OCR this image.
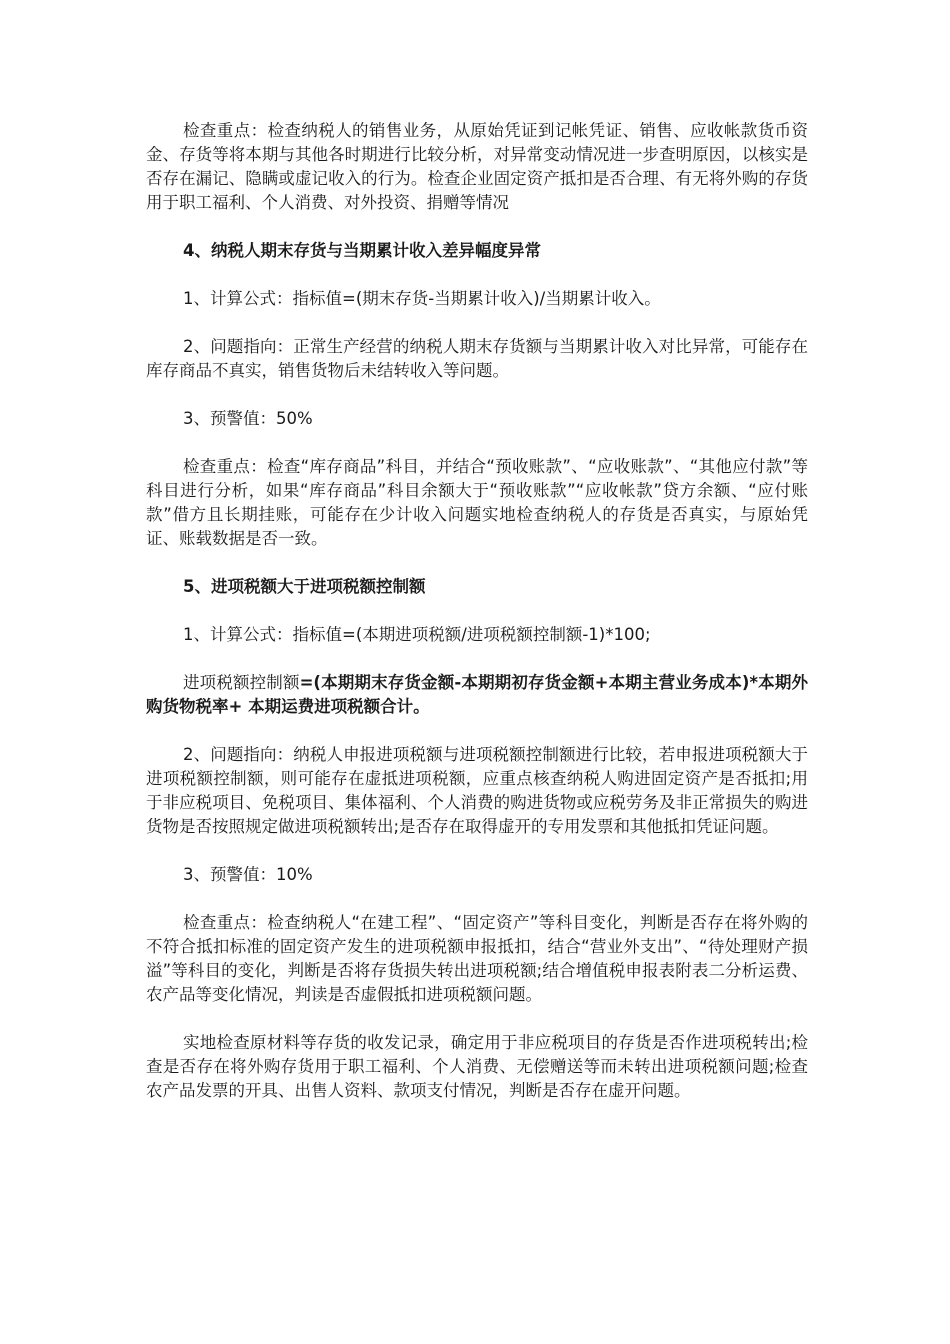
检查重点：检查纳税人的销售业务，从原始凭证到记帐凭证、销售、应收帐款货币资金、存货等将本期与其他各时期进行比较分析，对异常变动情况进一步查明原因，以核实是否存在漏记、隐瞒或虚记收入的行为。检查企业固定资产抵扣是否合理、有无将外购的存货用于职工福利、个人消费、对外投资、捐赠等情况

4、纳税人期末存货与当期累计收入差异幅度异常

1、计算公式：指标值=(期末存货-当期累计收入)/当期累计收入。

2、问题指向：正常生产经营的纳税人期末存货额与当期累计收入对比异常，可能存在库存商品不真实，销售货物后未结转收入等问题。

3、预警值：50%

检查重点：检查“库存商品”科目，并结合“预收账款”、“应收账款”、“其他应付款”等科目进行分析，如果“库存商品”科目余额大于“预收账款”“应收帐款”贷方余额、“应付账款”借方且长期挂账，可能存在少计收入问题实地检查纳税人的存货是否真实，与原始凭证、账载数据是否一致。

5、进项税额大于进项税额控制额

1、计算公式：指标值=(本期进项税额/进项税额控制额-1)*100;

进项税额控制额=(本期期末存货金额-本期期初存货金额+本期主营业务成本)*本期外购货物税率+ 本期运费进项税额合计。

2、问题指向：纳税人申报进项税额与进项税额控制额进行比较，若申报进项税额大于进项税额控制额，则可能存在虚抵进项税额，应重点核查纳税人购进固定资产是否抵扣;用于非应税项目、免税项目、集体福利、个人消费的购进货物或应税劳务及非正常损失的购进货物是否按照规定做进项税额转出;是否存在取得虚开的专用发票和其他抵扣凭证问题。

3、预警值：10%

检查重点：检查纳税人“在建工程”、“固定资产”等科目变化，判断是否存在将外购的不符合抵扣标准的固定资产发生的进项税额申报抵扣，结合“营业外支出”、“待处理财产损溢”等科目的变化，判断是否将存货损失转出进项税额;结合增值税申报表附表二分析运费、农产品等变化情况，判读是否虚假抵扣进项税额问题。

实地检查原材料等存货的收发记录，确定用于非应税项目的存货是否作进项税转出;检查是否存在将外购存货用于职工福利、个人消费、无偿赠送等而未转出进项税额问题;检查农产品发票的开具、出售人资料、款项支付情况，判断是否存在虚开问题。
